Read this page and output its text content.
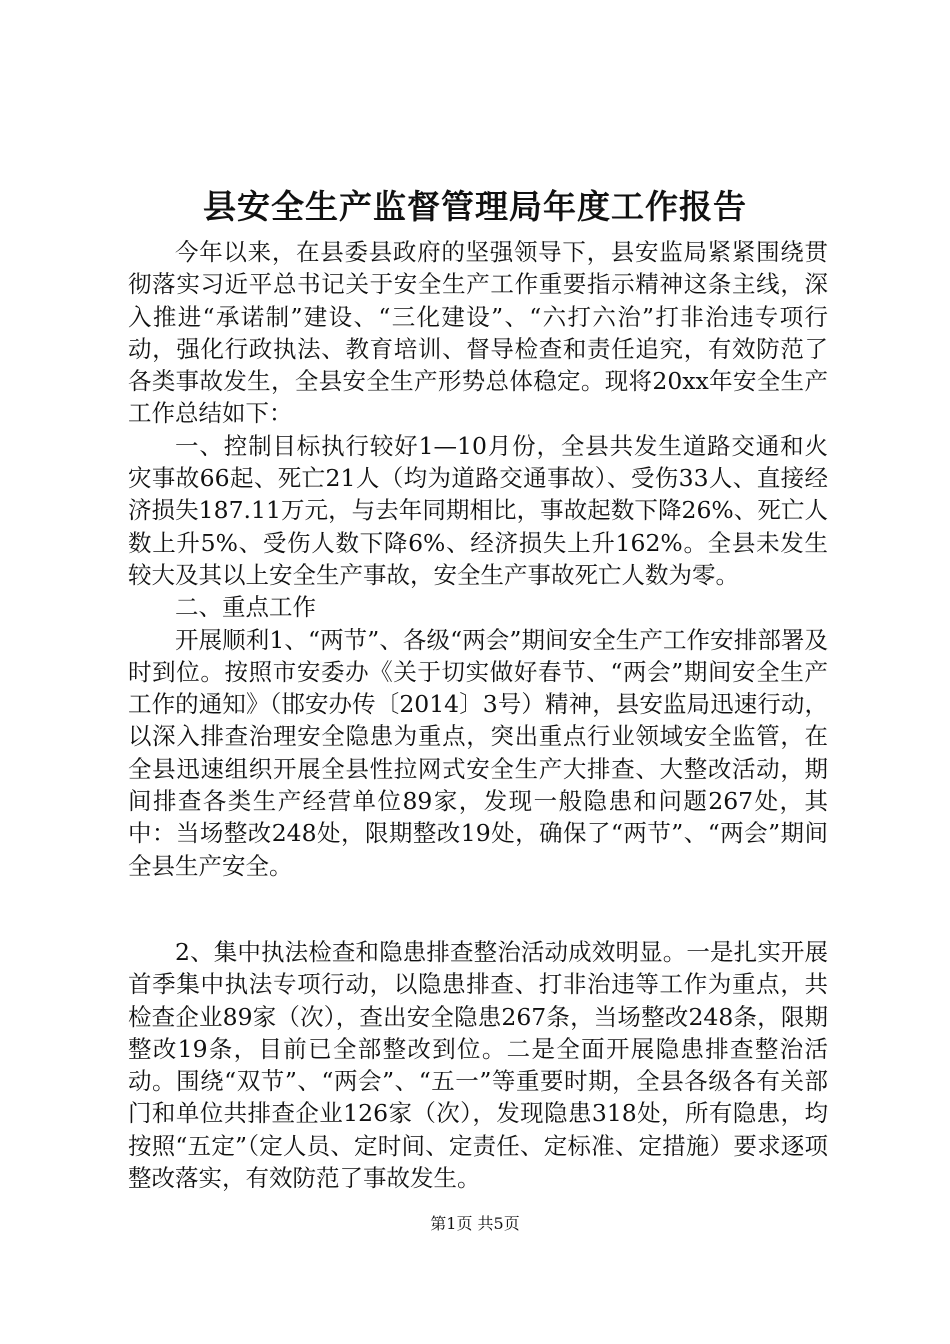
县安全生产监督管理局年度工作报告

今年以来，在县委县政府的坚强领导下，县安监局紧紧围绕贯彻落实习近平总书记关于安全生产工作重要指示精神这条主线，深入推进“承诺制”建设、“三化建设”、“六打六治”打非治违专项行动，强化行政执法、教育培训、督导检查和责任追究，有效防范了各类事故发生，全县安全生产形势总体稳定。现将20xx年安全生产工作总结如下：

一、控制目标执行较好1—10月份，全县共发生道路交通和火灾事故66起、死亡21人（均为道路交通事故）、受伤33人、直接经济损失187.11万元，与去年同期相比，事故起数下降26%、死亡人数上升5%、受伤人数下降6%、经济损失上升162%。全县未发生较大及其以上安全生产事故，安全生产事故死亡人数为零。

二、重点工作

开展顺利1、“两节”、各级“两会”期间安全生产工作安排部署及时到位。按照市安委办《关于切实做好春节、“两会”期间安全生产工作的通知》（邯安办传〔2014〕3号）精神，县安监局迅速行动，以深入排查治理安全隐患为重点，突出重点行业领域安全监管，在全县迅速组织开展全县性拉网式安全生产大排查、大整改活动，期间排查各类生产经营单位89家，发现一般隐患和问题267处，其中：当场整改248处，限期整改19处，确保了“两节”、“两会”期间全县生产安全。

2、集中执法检查和隐患排查整治活动成效明显。一是扎实开展首季集中执法专项行动，以隐患排查、打非治违等工作为重点，共检查企业89家（次），查出安全隐患267条，当场整改248条，限期整改19条，目前已全部整改到位。二是全面开展隐患排查整治活动。围绕“双节”、“两会”、“五一”等重要时期，全县各级各有关部门和单位共排查企业126家（次），发现隐患318处，所有隐患，均按照“五定”（定人员、定时间、定责任、定标准、定措施）要求逐项整改落实，有效防范了事故发生。

第1页 共5页
